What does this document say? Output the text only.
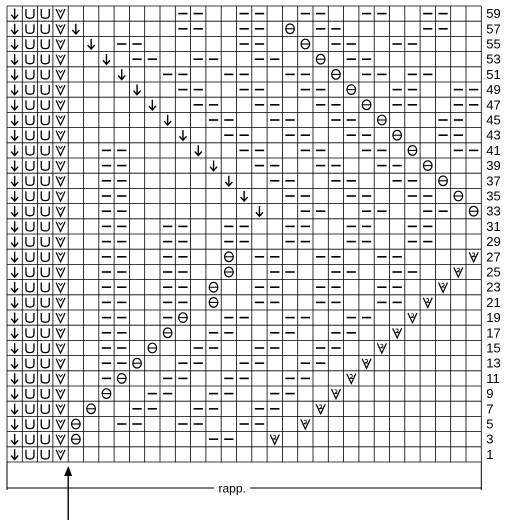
59
57
55
53
51
49
47
45
43
41
39
37
35
33
31
29
27
25
23
21
19
17
15
13
11
9
7
5
3
1
rapp.
